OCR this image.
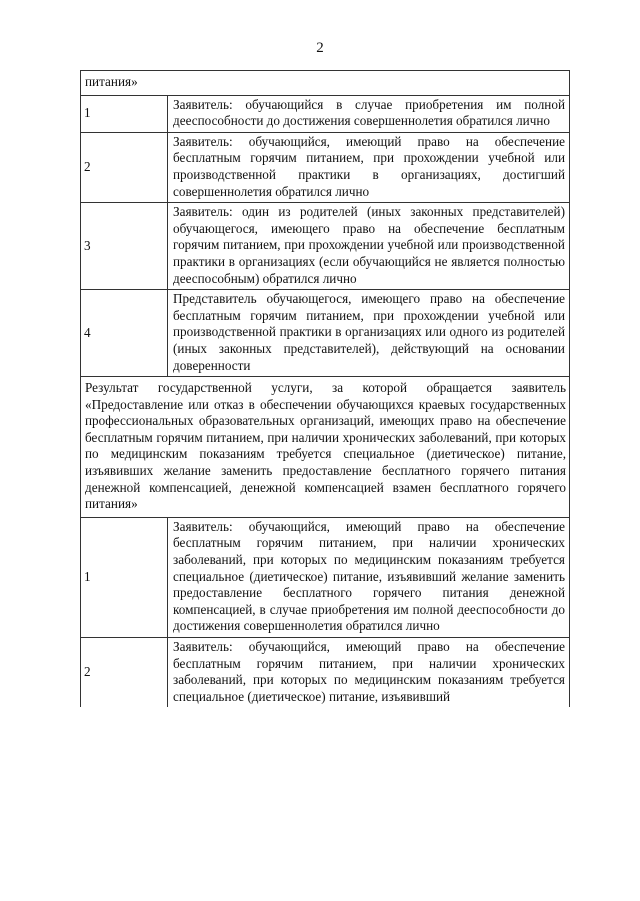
2
питания»	
1	Заявитель: обучающийся в случае приобретения им полной дееспособности до достижения совершеннолетия обратился лично
2	Заявитель: обучающийся, имеющий право на обеспечение бесплатным горячим питанием, при прохождении учебной или производственной практики в организациях, достигший совершеннолетия обратился лично
3	Заявитель: один из родителей (иных законных представителей) обучающегося, имеющего право на обеспечение бесплатным горячим питанием, при прохождении учебной или производственной практики в организациях (если обучающийся не является полностью дееспособным) обратился лично
4	Представитель обучающегося, имеющего право на обеспечение бесплатным горячим питанием, при прохождении учебной или производственной практики в организациях или одного из родителей (иных законных представителей), действующий на основании доверенности
Результат государственной услуги, за которой обращается заявитель «Предоставление или отказ в обеспечении обучающихся краевых государственных профессиональных образовательных организаций, имеющих право на обеспечение бесплатным горячим питанием, при наличии хронических заболеваний, при которых по медицинским показаниям требуется специальное (диетическое) питание, изъявивших желание заменить предоставление бесплатного горячего питания денежной компенсацией, денежной компенсацией взамен бесплатного горячего питания»	
1	Заявитель: обучающийся, имеющий право на обеспечение бесплатным горячим питанием, при наличии хронических заболеваний, при которых по медицинским показаниям требуется специальное (диетическое) питание, изъявивший желание заменить предоставление бесплатного горячего питания денежной компенсацией, в случае приобретения им полной дееспособности до достижения совершеннолетия обратился лично
2	Заявитель: обучающийся, имеющий право на обеспечение бесплатным горячим питанием, при наличии хронических заболеваний, при которых по медицинским показаниям требуется специальное (диетическое) питание, изъявивший
